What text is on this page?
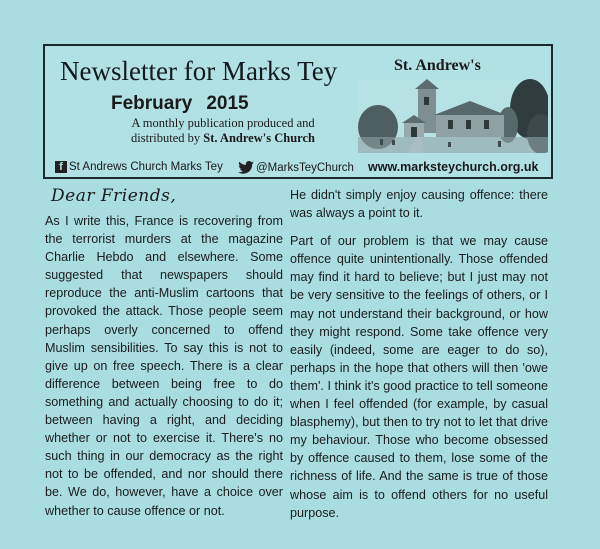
Newsletter for Marks Tey
February 2015
A monthly publication produced and
distributed by St. Andrew's Church
St. Andrew's
f St Andrews Church Marks Tey	@MarksTeyChurch www.marksteychurch.org.uk
Dear Friends,

As I write this, France is recovering from the terrorist murders at the magazine Charlie Hebdo and elsewhere. Some suggested that newspapers should reproduce the anti-Muslim cartoons that provoked the attack. Those people seem perhaps overly concerned to offend Muslim sensibilities. To say this is not to give up on free speech. There is a clear difference between being free to do something and actually choosing to do it; between having a right, and deciding whether or not to exercise it. There's no such thing in our democracy as the right not to be offended, and nor should there be. We do, however, have a choice over whether to cause offence or not.

He didn't simply enjoy causing offence: there was always a point to it.

Part of our problem is that we may cause offence quite unintentionally. Those offended may find it hard to believe; but I just may not be very sensitive to the feelings of others, or I may not understand their background, or how they might respond. Some take offence very easily (indeed, some are eager to do so), perhaps in the hope that others will then 'owe them'. I think it's good practice to tell someone when I feel offended (for example, by casual blasphemy), but then to try not to let that drive my behaviour. Those who become obsessed by offence caused to them, lose some of the richness of life. And the same is true of those whose aim is to offend others for no useful purpose.
